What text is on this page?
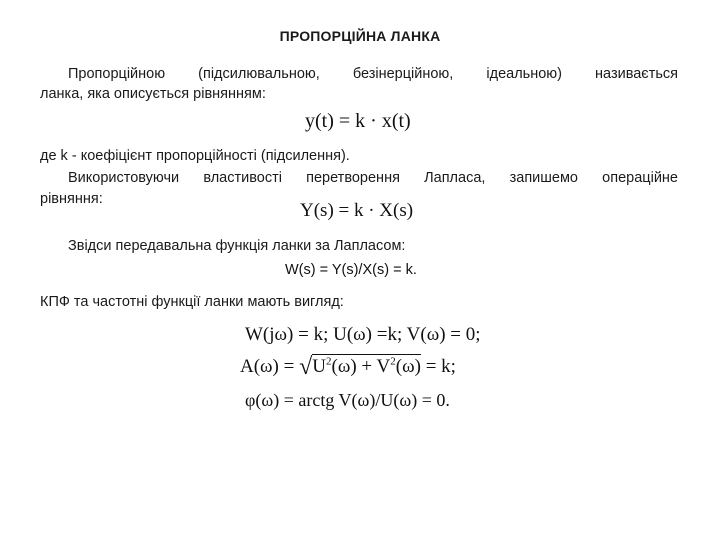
ПРОПОРЦІЙНА ЛАНКА
Пропорційною (підсилювальною, безінерційною, ідеальною) називається
ланка, яка описується рівнянням:
y(t) = k · x(t)
де k - коефіцієнт пропорційності (підсилення).
Використовуючи властивості перетворення Лапласа, запишемо операційне
рівняння:
Y(s) = k · X(s)
Звідси передавальна функція ланки за Лапласом:
W(s) = Y(s)/X(s) = k.
КПФ та частотні функції ланки мають вигляд:
W(jω) = k; U(ω) =k; V(ω) = 0;
$A(\omega) = √U^2(\omega) + V^2(\omega) = k$;
φ(ω) = arctg V(ω)/U(ω) = 0.
